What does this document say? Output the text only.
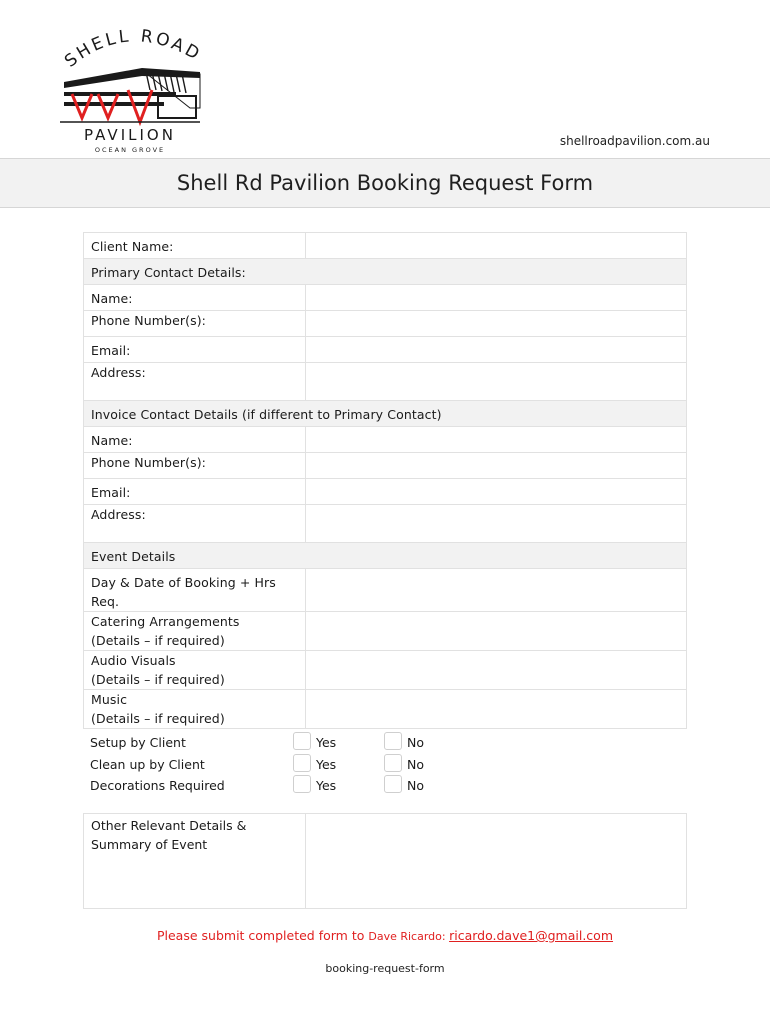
SHELL ROAD
PAVILION
OCEAN GROVE
shellroadpavilion.com.au
Shell Rd Pavilion Booking Request Form
Client Name:	

Primary Contact Details:	

Name:	

Phone Number(s):	

Email:	

Address:	

Invoice Contact Details (if different to Primary Contact)	

Name:	

Phone Number(s):	

Email:	

Address:	

Event Details	

Day & Date of Booking + Hrs Req.	

Catering Arrangements
(Details – if required)	

Audio Visuals
(Details – if required)	

Music
(Details – if required)	

Setup by Client	Yes	No
Clean up by Client	Yes	No
Decorations Required	Yes	No
Other Relevant Details &
Summary of Event

Please submit completed form to Dave Ricardo: ricardo.dave1@gmail.com
booking-request-form
